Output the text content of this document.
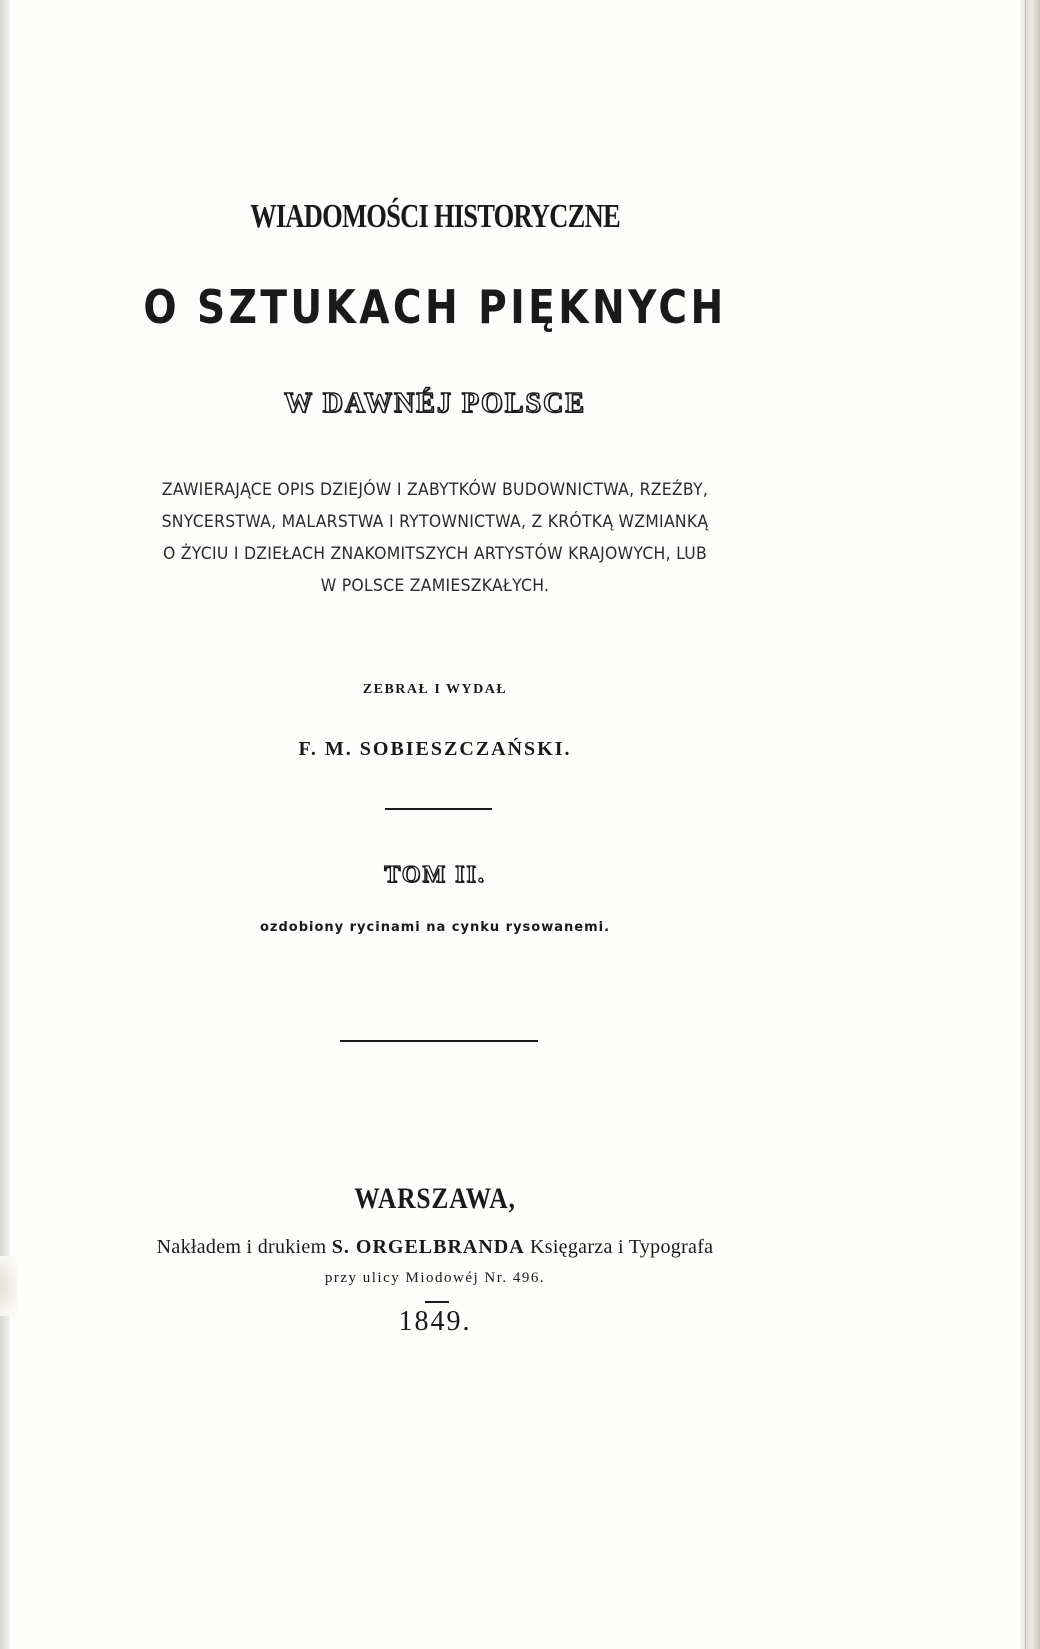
WIADOMOŚCI HISTORYCZNE
O SZTUKACH PIĘKNYCH
W DAWNÉJ POLSCE
ZAWIERAJĄCE OPIS DZIEJÓW I ZABYTKÓW BUDOWNICTWA, RZEŹBY,
SNYCERSTWA, MALARSTWA I RYTOWNICTWA, Z KRÓTKĄ WZMIANKĄ
O ŻYCIU I DZIEŁACH ZNAKOMITSZYCH ARTYSTÓW KRAJOWYCH, LUB
W POLSCE ZAMIESZKAŁYCH.
ZEBRAŁ I WYDAŁ
F. M. SOBIESZCZAŃSKI.
TOM II.
ozdobiony rycinami na cynku rysowanemi.
WARSZAWA,
Nakładem i drukiem S. ORGELBRANDA Księgarza i Typografa
przy ulicy Miodowéj Nr. 496.
1849.
